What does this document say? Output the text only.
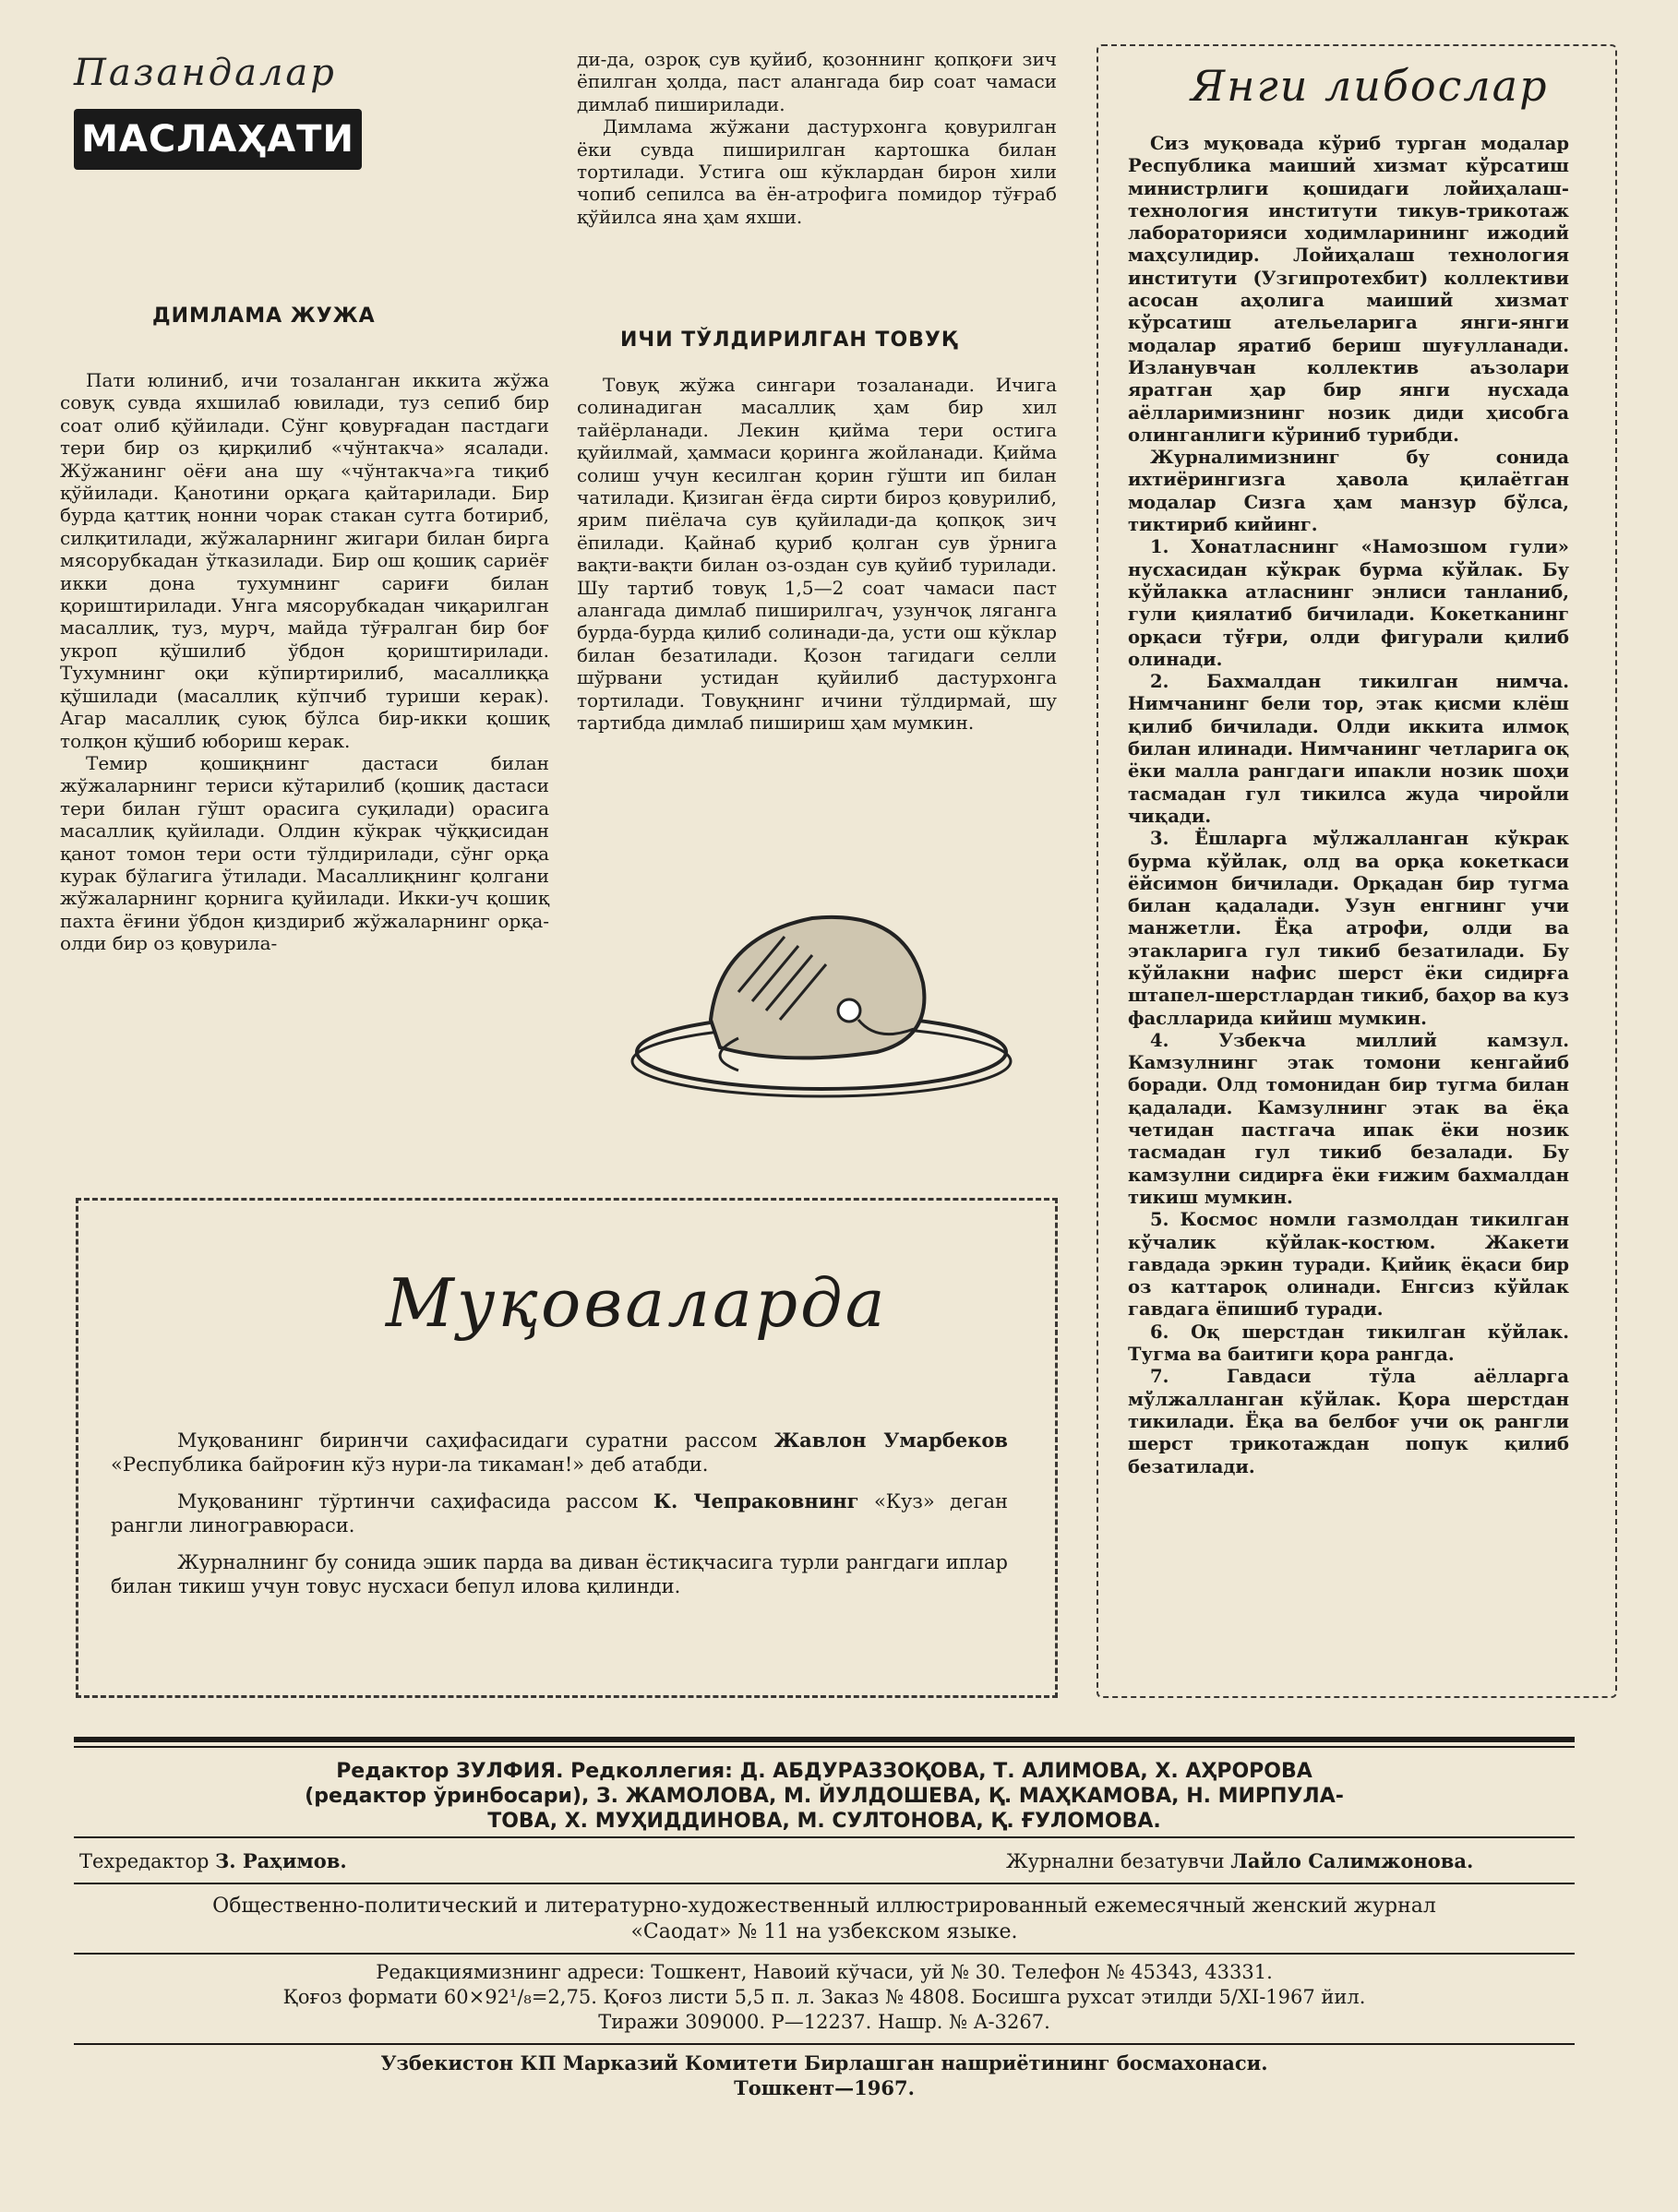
Пазандалар
МАСЛАҲАТИ
ДИМЛАМА ЖУЖА

Пати юлиниб, ичи тозаланган иккита жўжа совуқ сувда яхшилаб ювилади, туз сепиб бир соат олиб қўйилади. Сўнг қовурғадан пастдаги тери бир оз қирқилиб «чўнтакча» ясалади. Жўжанинг оёғи ана шу «чўнтакча»га тиқиб қўйилади. Қанотини орқага қайтарилади. Бир бурда қаттиқ нонни чорак стакан сутга ботириб, силқитилади, жўжаларнинг жигари билан бирга мясорубкадан ўтказилади. Бир ош қошиқ сариёғ икки дона тухумнинг сариғи билан қориштирилади. Унга мясорубкадан чиқарилган масаллиқ, туз, мурч, майда тўғралган бир боғ укроп қўшилиб ўбдон қориштирилади. Тухумнинг оқи кўпиртирилиб, масаллиққа қўшилади (масаллиқ кўпчиб туриши керак). Агар масаллиқ суюқ бўлса бир-икки қошиқ толқон қўшиб юбориш керак.

Темир қошиқнинг дастаси билан жўжаларнинг териси кўтарилиб (қошиқ дастаси тери билан гўшт орасига суқилади) орасига масаллиқ қуйилади. Олдин кўкрак чўққисидан қанот томон тери ости тўлдирилади, сўнг орқа курак бўлагига ўтилади. Масаллиқнинг қолгани жўжаларнинг қорнига қуйилади. Икки-уч қошиқ пахта ёғини ўбдон қиздириб жўжаларнинг орқа-олди бир оз қовурила-

ди-да, озроқ сув қуйиб, қозоннинг қопқоғи зич ёпилган ҳолда, паст алангада бир соат чамаси димлаб пиширилади.

Димлама жўжани дастурхонга қовурилган ёки сувда пиширилган картошка билан тортилади. Устига ош кўклардан бирон хили чопиб сепилса ва ён-атрофига помидор тўғраб қўйилса яна ҳам яхши.

ИЧИ ТЎЛДИРИЛГАН ТОВУҚ

Товуқ жўжа сингари тозаланади. Ичига солинадиган масаллиқ ҳам бир хил тайёрланади. Лекин қийма тери остига қуйилмай, ҳаммаси қоринга жойланади. Қийма солиш учун кесилган қорин гўшти ип билан чатилади. Қизиган ёғда сирти бироз қовурилиб, ярим пиёлача сув қуйилади-да қопқоқ зич ёпилади. Қайнаб қуриб қолган сув ўрнига вақти-вақти билан оз-оздан сув қуйиб турилади. Шу тартиб товуқ 1,5—2 соат чамаси паст алангада димлаб пиширилгач, узунчоқ ляганга бурда-бурда қилиб солинади-да, усти ош кўклар билан безатилади. Қозон тагидаги селли шўрвани устидан қуйилиб дастурхонга тортилади. Товуқнинг ичини тўлдирмай, шу тартибда димлаб пишириш ҳам мумкин.

Янги либослар

Сиз муқовада кўриб турган модалар Республика маиший хизмат кўрсатиш министрлиги қошидаги лойиҳалаш-технология институти тикув-трикотаж лабораторияси ходимларининг ижодий маҳсулидир. Лойиҳалаш технология институти (Узгипротехбит) коллективи асосан аҳолига маиший хизмат кўрсатиш ательеларига янги-янги модалар яратиб бериш шуғулланади. Изланувчан коллектив аъзолари яратган ҳар бир янги нусхада аёлларимизнинг нозик диди ҳисобга олинганлиги кўриниб турибди.

Журналимизнинг бу сонида ихтиёрингизга ҳавола қилаётган модалар Сизга ҳам манзур бўлса, тиктириб кийинг.

1. Хонатласнинг «Намозшом гули» нусхасидан кўкрак бурма кўйлак. Бу кўйлакка атласнинг энлиси танланиб, гули қиялатиб бичилади. Кокетканинг орқаси тўғри, олди фигурали қилиб олинади.

2. Бахмалдан тикилган нимча. Нимчанинг бели тор, этак қисми клёш қилиб бичилади. Олди иккита илмоқ билан илинади. Нимчанинг четларига оқ ёки малла рангдаги ипакли нозик шоҳи тасмадан гул тикилса жуда чиройли чиқади.

3. Ёшларга мўлжалланган кўкрак бурма кўйлак, олд ва орқа кокеткаси ёйсимон бичилади. Орқадан бир тугма билан қадалади. Узун енгнинг учи манжетли. Ёқа атрофи, олди ва этакларига гул тикиб безатилади. Бу кўйлакни нафис шерст ёки сидирға штапел-шерстлардан тикиб, баҳор ва куз фаслларида кийиш мумкин.

4. Узбекча миллий камзул. Камзулнинг этак томони кенгайиб боради. Олд томонидан бир тугма билан қадалади. Камзулнинг этак ва ёқа четидан пастгача ипак ёки нозик тасмадан гул тикиб безалади. Бу камзулни сидирға ёки ғижим бахмалдан тикиш мумкин.

5. Космос номли газмолдан тикилган кўчалик кўйлак-костюм. Жакети гавдада эркин туради. Қийиқ ёқаси бир оз каттароқ олинади. Енгсиз кўйлак гавдага ёпишиб туради.

6. Оқ шерстдан тикилган кўйлак. Тугма ва баитиги қора рангда.

7. Гавдаси тўла аёлларга мўлжалланган кўйлак. Қора шерстдан тикилади. Ёқа ва белбоғ учи оқ рангли шерст трикотаждан попук қилиб безатилади.

Муқоваларда

Муқованинг биринчи саҳифасидаги суратни рассом Жавлон Умарбеков «Республика байроғин кўз нури-ла тикаман!» деб атабди.

Муқованинг тўртинчи саҳифасида рассом К. Чепраковнинг «Куз» деган рангли линогравюраси.

Журналнинг бу сонида эшик парда ва диван ёстиқчасига турли рангдаги иплар билан тикиш учун товус нусхаси бепул илова қилинди.

Редактор ЗУЛФИЯ. Редколлегия: Д. АБДУРАЗЗОҚОВА, Т. АЛИМОВА, Х. АҲРОРОВА
(редактор ўринбосари), З. ЖАМОЛОВА, М. ЙУЛДОШЕВА, Қ. МАҲКАМОВА, Н. МИРПУЛА-
ТОВА, Х. МУҲИДДИНОВА, М. СУЛТОНОВА, Қ. ҒУЛОМОВА.
Техредактор З. Раҳимов.	Журнални безатувчи Лайло Салимжонова.
Общественно-политический и литературно-художественный иллюстрированный ежемесячный женский журнал
«Саодат» № 11 на узбекском языке.
Редакциямизнинг адреси: Тошкент, Навоий кўчаси, уй № 30. Телефон № 45343, 43331.
Қоғоз формати 60×92¹/₈=2,75. Қоғоз листи 5,5 п. л. Заказ № 4808. Босишга рухсат этилди 5/XI-1967 йил.
Тиражи 309000. Р—12237. Нашр. № А-3267.
Узбекистон КП Марказий Комитети Бирлашган нашриётининг босмахонаси.
Тошкент—1967.
